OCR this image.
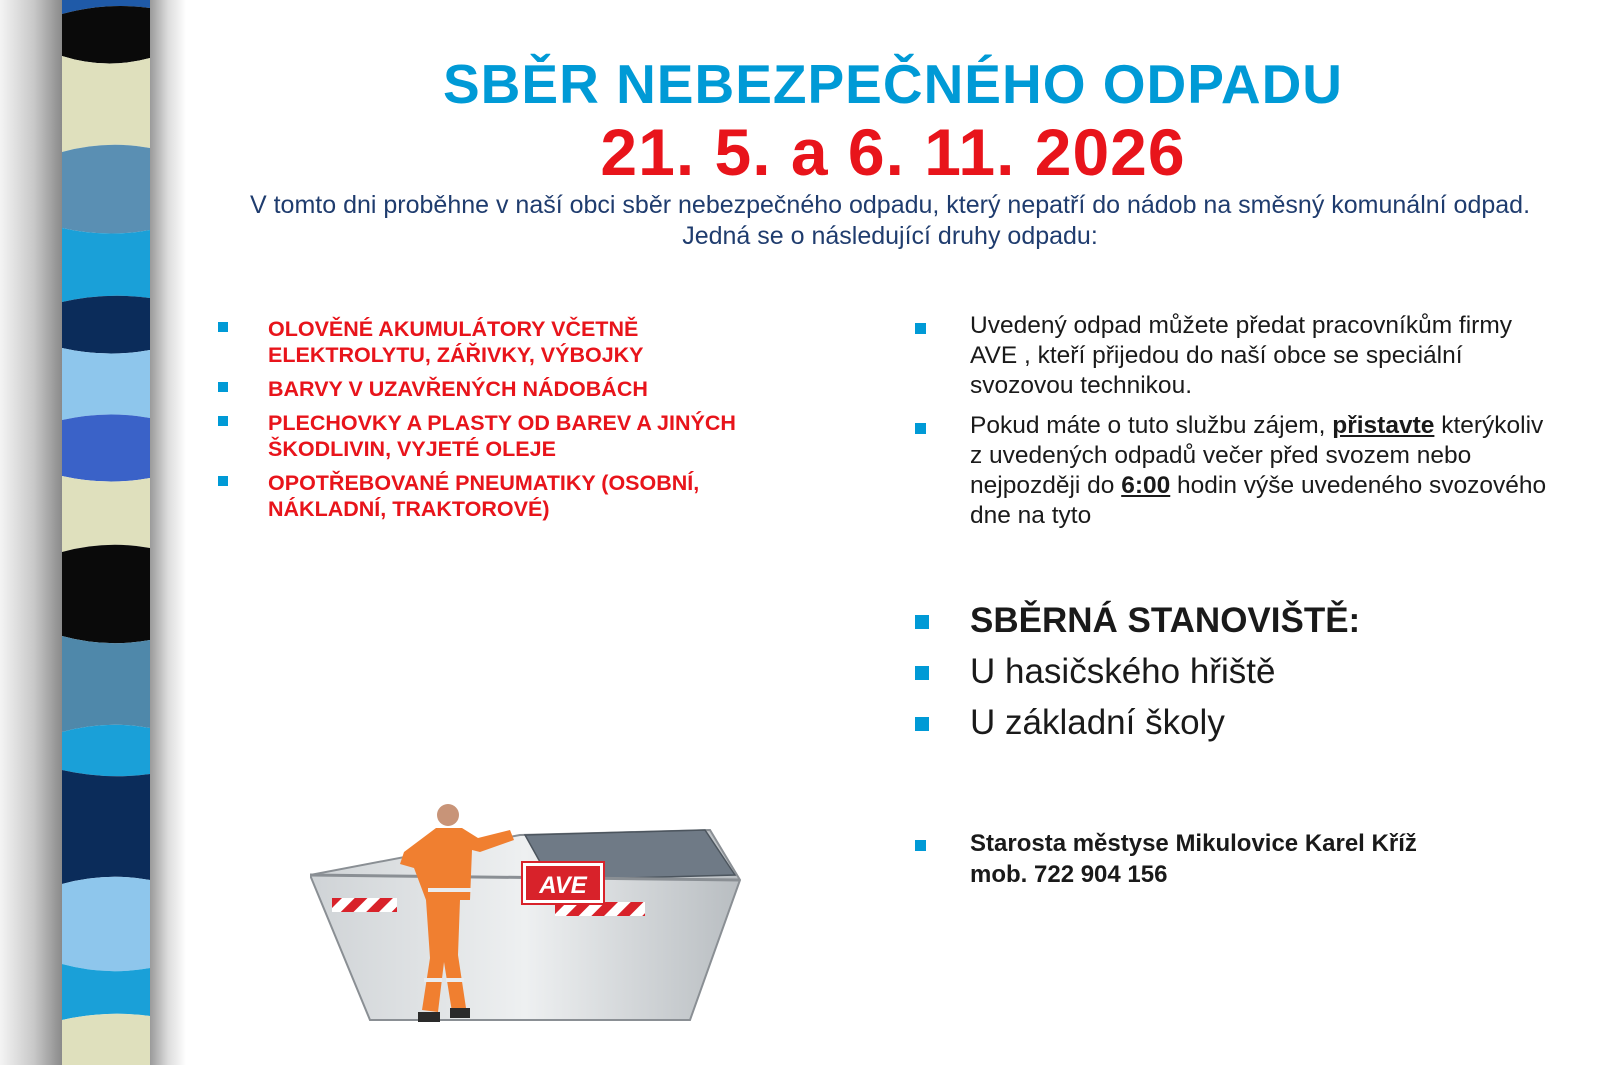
SBĚR NEBEZPEČNÉHO ODPADU
21. 5. a 6. 11. 2026
V tomto dni proběhne v naší obci sběr nebezpečného odpadu, který nepatří do nádob na směsný komunální odpad. Jedná se o následující druhy odpadu:
OLOVĚNÉ AKUMULÁTORY VČETNĚ ELEKTROLYTU, ZÁŘIVKY, VÝBOJKY
BARVY V UZAVŘENÝCH NÁDOBÁCH
PLECHOVKY A PLASTY OD BAREV A JINÝCH ŠKODLIVIN, VYJETÉ OLEJE
OPOTŘEBOVANÉ PNEUMATIKY (OSOBNÍ, NÁKLADNÍ, TRAKTOROVÉ)
Uvedený odpad můžete předat pracovníkům firmy AVE , kteří přijedou do naší obce se speciální svozovou technikou.
Pokud máte o tuto službu zájem, přistavte kterýkoliv z uvedených odpadů večer před svozem nebo nejpozději do 6:00 hodin výše uvedeného svozového dne na tyto
SBĚRNÁ STANOVIŠTĚ:
U hasičského hřiště
U základní školy
Starosta městyse Mikulovice Karel Kříž
mob. 722 904 156
AVE
